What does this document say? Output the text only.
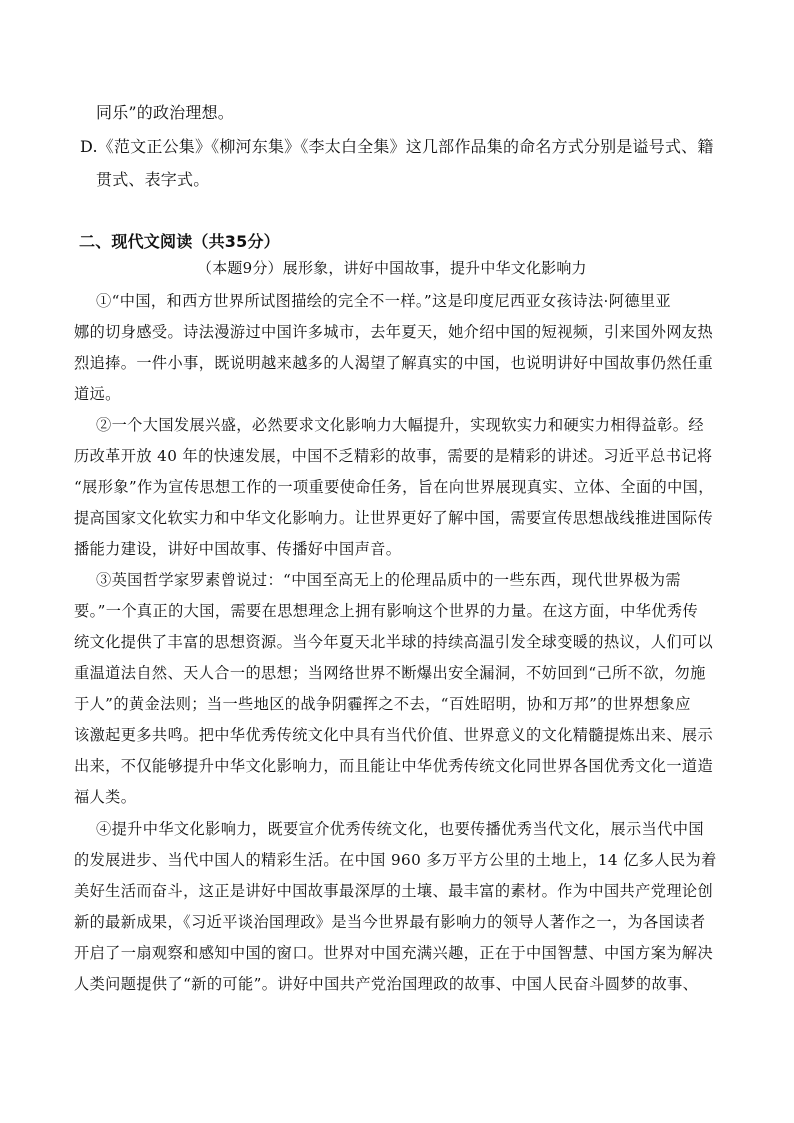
同乐”的政治理想。
D.《范文正公集》《柳河东集》《李太白全集》这几部作品集的命名方式分别是谥号式、籍
贯式、表字式。
二、现代文阅读（共35分）
（本题9分）展形象，讲好中国故事，提升中华文化影响力
①“中国，和西方世界所试图描绘的完全不一样。”这是印度尼西亚女孩诗法·阿德里亚
娜的切身感受。诗法漫游过中国许多城市，去年夏天，她介绍中国的短视频，引来国外网友热
烈追捧。一件小事，既说明越来越多的人渴望了解真实的中国，也说明讲好中国故事仍然任重
道远。
②一个大国发展兴盛，必然要求文化影响力大幅提升，实现软实力和硬实力相得益彰。经
历改革开放 40 年的快速发展，中国不乏精彩的故事，需要的是精彩的讲述。习近平总书记将
“展形象”作为宣传思想工作的一项重要使命任务，旨在向世界展现真实、立体、全面的中国，
提高国家文化软实力和中华文化影响力。让世界更好了解中国，需要宣传思想战线推进国际传
播能力建设，讲好中国故事、传播好中国声音。
③英国哲学家罗素曾说过：“中国至高无上的伦理品质中的一些东西，现代世界极为需
要。”一个真正的大国，需要在思想理念上拥有影响这个世界的力量。在这方面，中华优秀传
统文化提供了丰富的思想资源。当今年夏天北半球的持续高温引发全球变暖的热议，人们可以
重温道法自然、天人合一的思想；当网络世界不断爆出安全漏洞，不妨回到“己所不欲，勿施
于人”的黄金法则；当一些地区的战争阴霾挥之不去，“百姓昭明，协和万邦”的世界想象应
该激起更多共鸣。把中华优秀传统文化中具有当代价值、世界意义的文化精髓提炼出来、展示
出来，不仅能够提升中华文化影响力，而且能让中华优秀传统文化同世界各国优秀文化一道造
福人类。
④提升中华文化影响力，既要宣介优秀传统文化，也要传播优秀当代文化，展示当代中国
的发展进步、当代中国人的精彩生活。在中国 960 多万平方公里的土地上，14 亿多人民为着
美好生活而奋斗，这正是讲好中国故事最深厚的土壤、最丰富的素材。作为中国共产党理论创
新的最新成果，《习近平谈治国理政》是当今世界最有影响力的领导人著作之一，为各国读者
开启了一扇观察和感知中国的窗口。世界对中国充满兴趣，正在于中国智慧、中国方案为解决
人类问题提供了“新的可能”。讲好中国共产党治国理政的故事、中国人民奋斗圆梦的故事、
